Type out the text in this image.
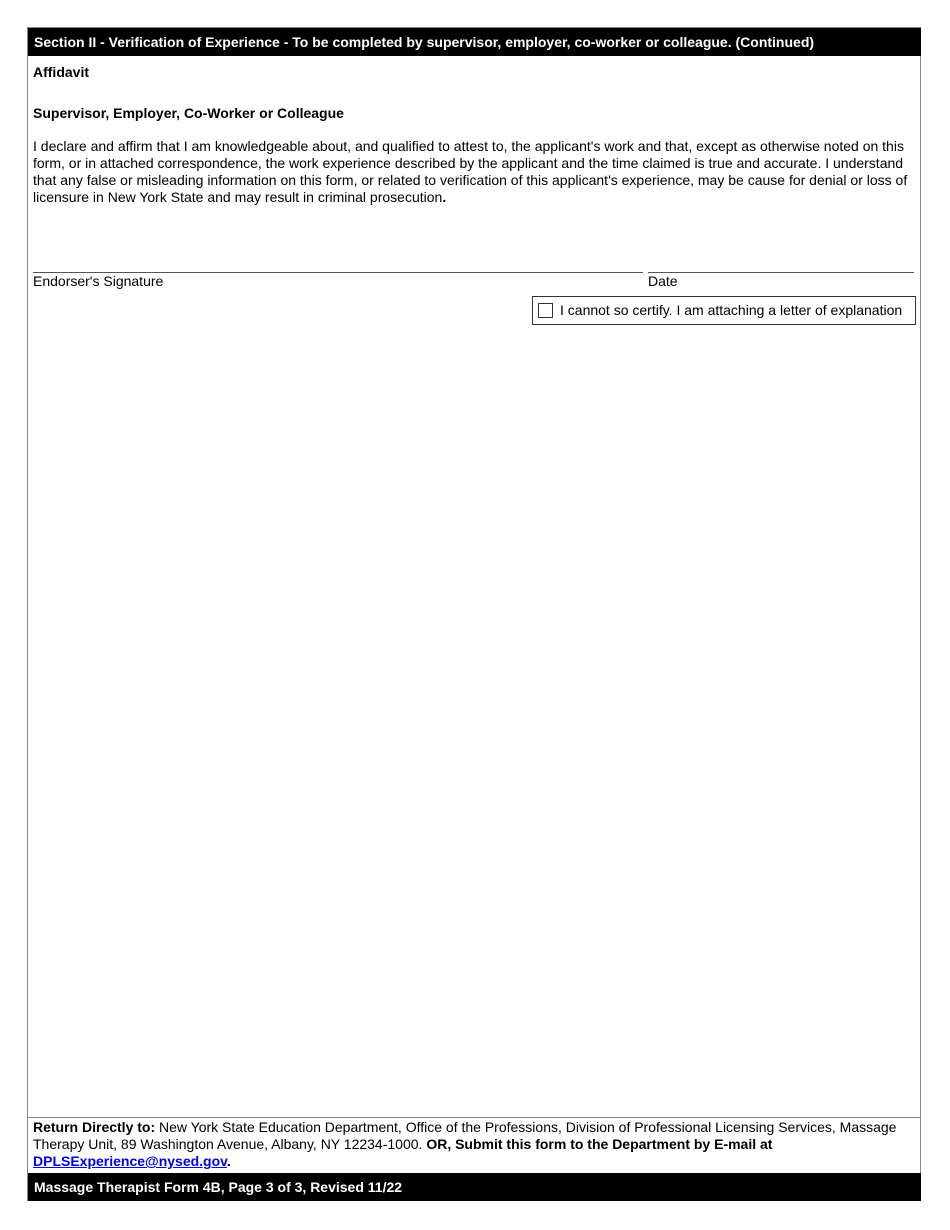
Section II - Verification of Experience - To be completed by supervisor, employer, co-worker or colleague. (Continued)
Affidavit
Supervisor, Employer, Co-Worker or Colleague
I declare and affirm that I am knowledgeable about, and qualified to attest to, the applicant's work and that, except as otherwise noted on this form, or in attached correspondence, the work experience described by the applicant and the time claimed is true and accurate. I understand that any false or misleading information on this form, or related to verification of this applicant's experience, may be cause for denial or loss of licensure in New York State and may result in criminal prosecution.
Endorser's Signature	Date
I cannot so certify. I am attaching a letter of explanation
Return Directly to: New York State Education Department, Office of the Professions, Division of Professional Licensing Services, Massage Therapy Unit, 89 Washington Avenue, Albany, NY 12234-1000. OR, Submit this form to the Department by E-mail at
DPLSExperience@nysed.gov.
Massage Therapist Form 4B, Page 3 of 3, Revised 11/22
